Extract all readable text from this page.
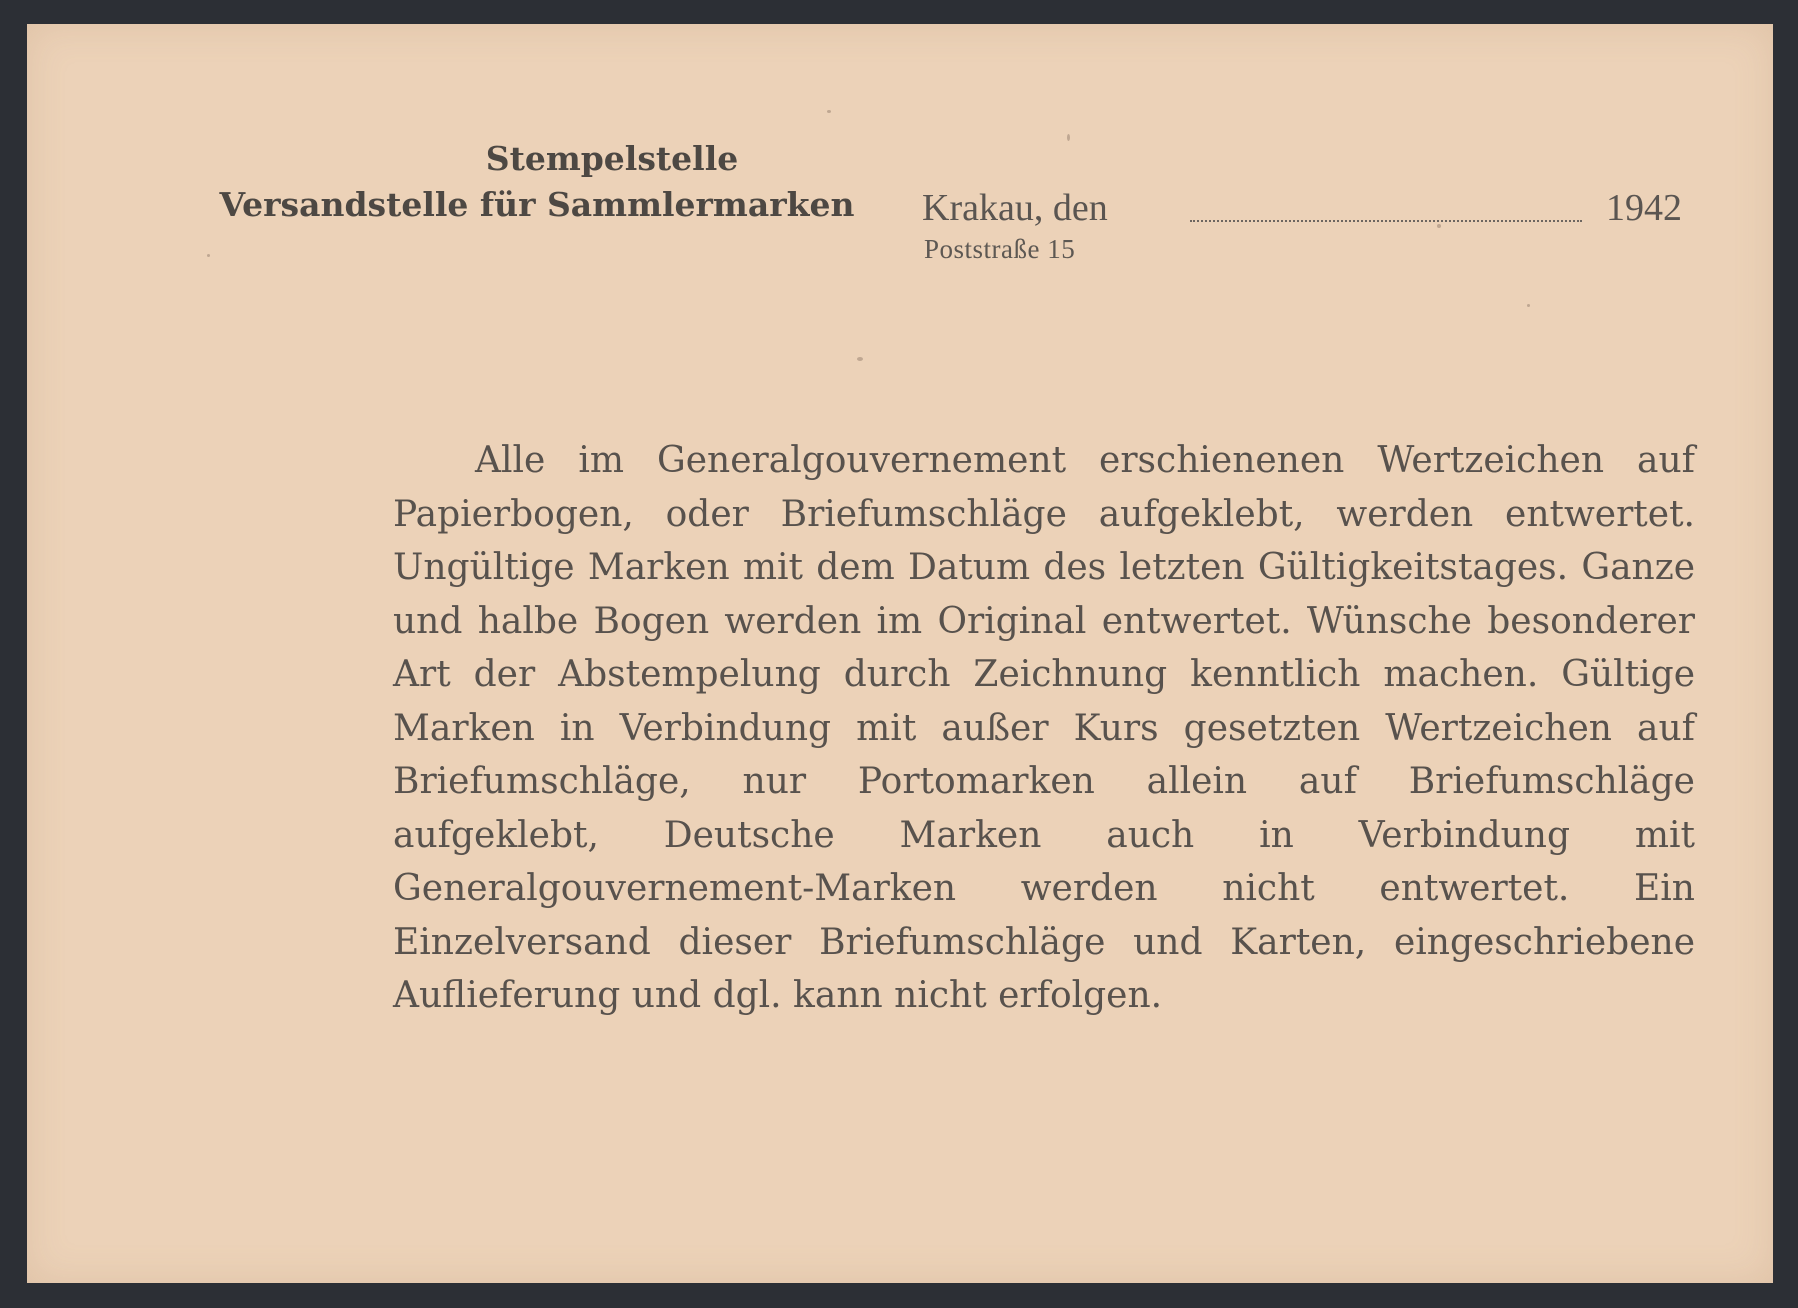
Stempelstelle
Versandstelle für Sammlermarken	Krakau, den	1942
Poststraße 15

Alle im Generalgouvernement erschienenen Wertzeichen auf Papierbogen, oder Briefumschläge aufgeklebt, werden entwertet. Ungültige Marken mit dem Datum des letzten Gültigkeitstages. Ganze und halbe Bogen werden im Original entwertet. Wünsche besonderer Art der Abstempelung durch Zeichnung kenntlich machen. Gültige Marken in Verbindung mit außer Kurs gesetzten Wertzeichen auf Briefumschläge, nur Portomarken allein auf Briefumschläge aufgeklebt, Deutsche Marken auch in Verbindung mit Generalgouvernement-Marken werden nicht entwertet. Ein Einzelversand dieser Briefumschläge und Karten, eingeschriebene Auflieferung und dgl. kann nicht erfolgen.
